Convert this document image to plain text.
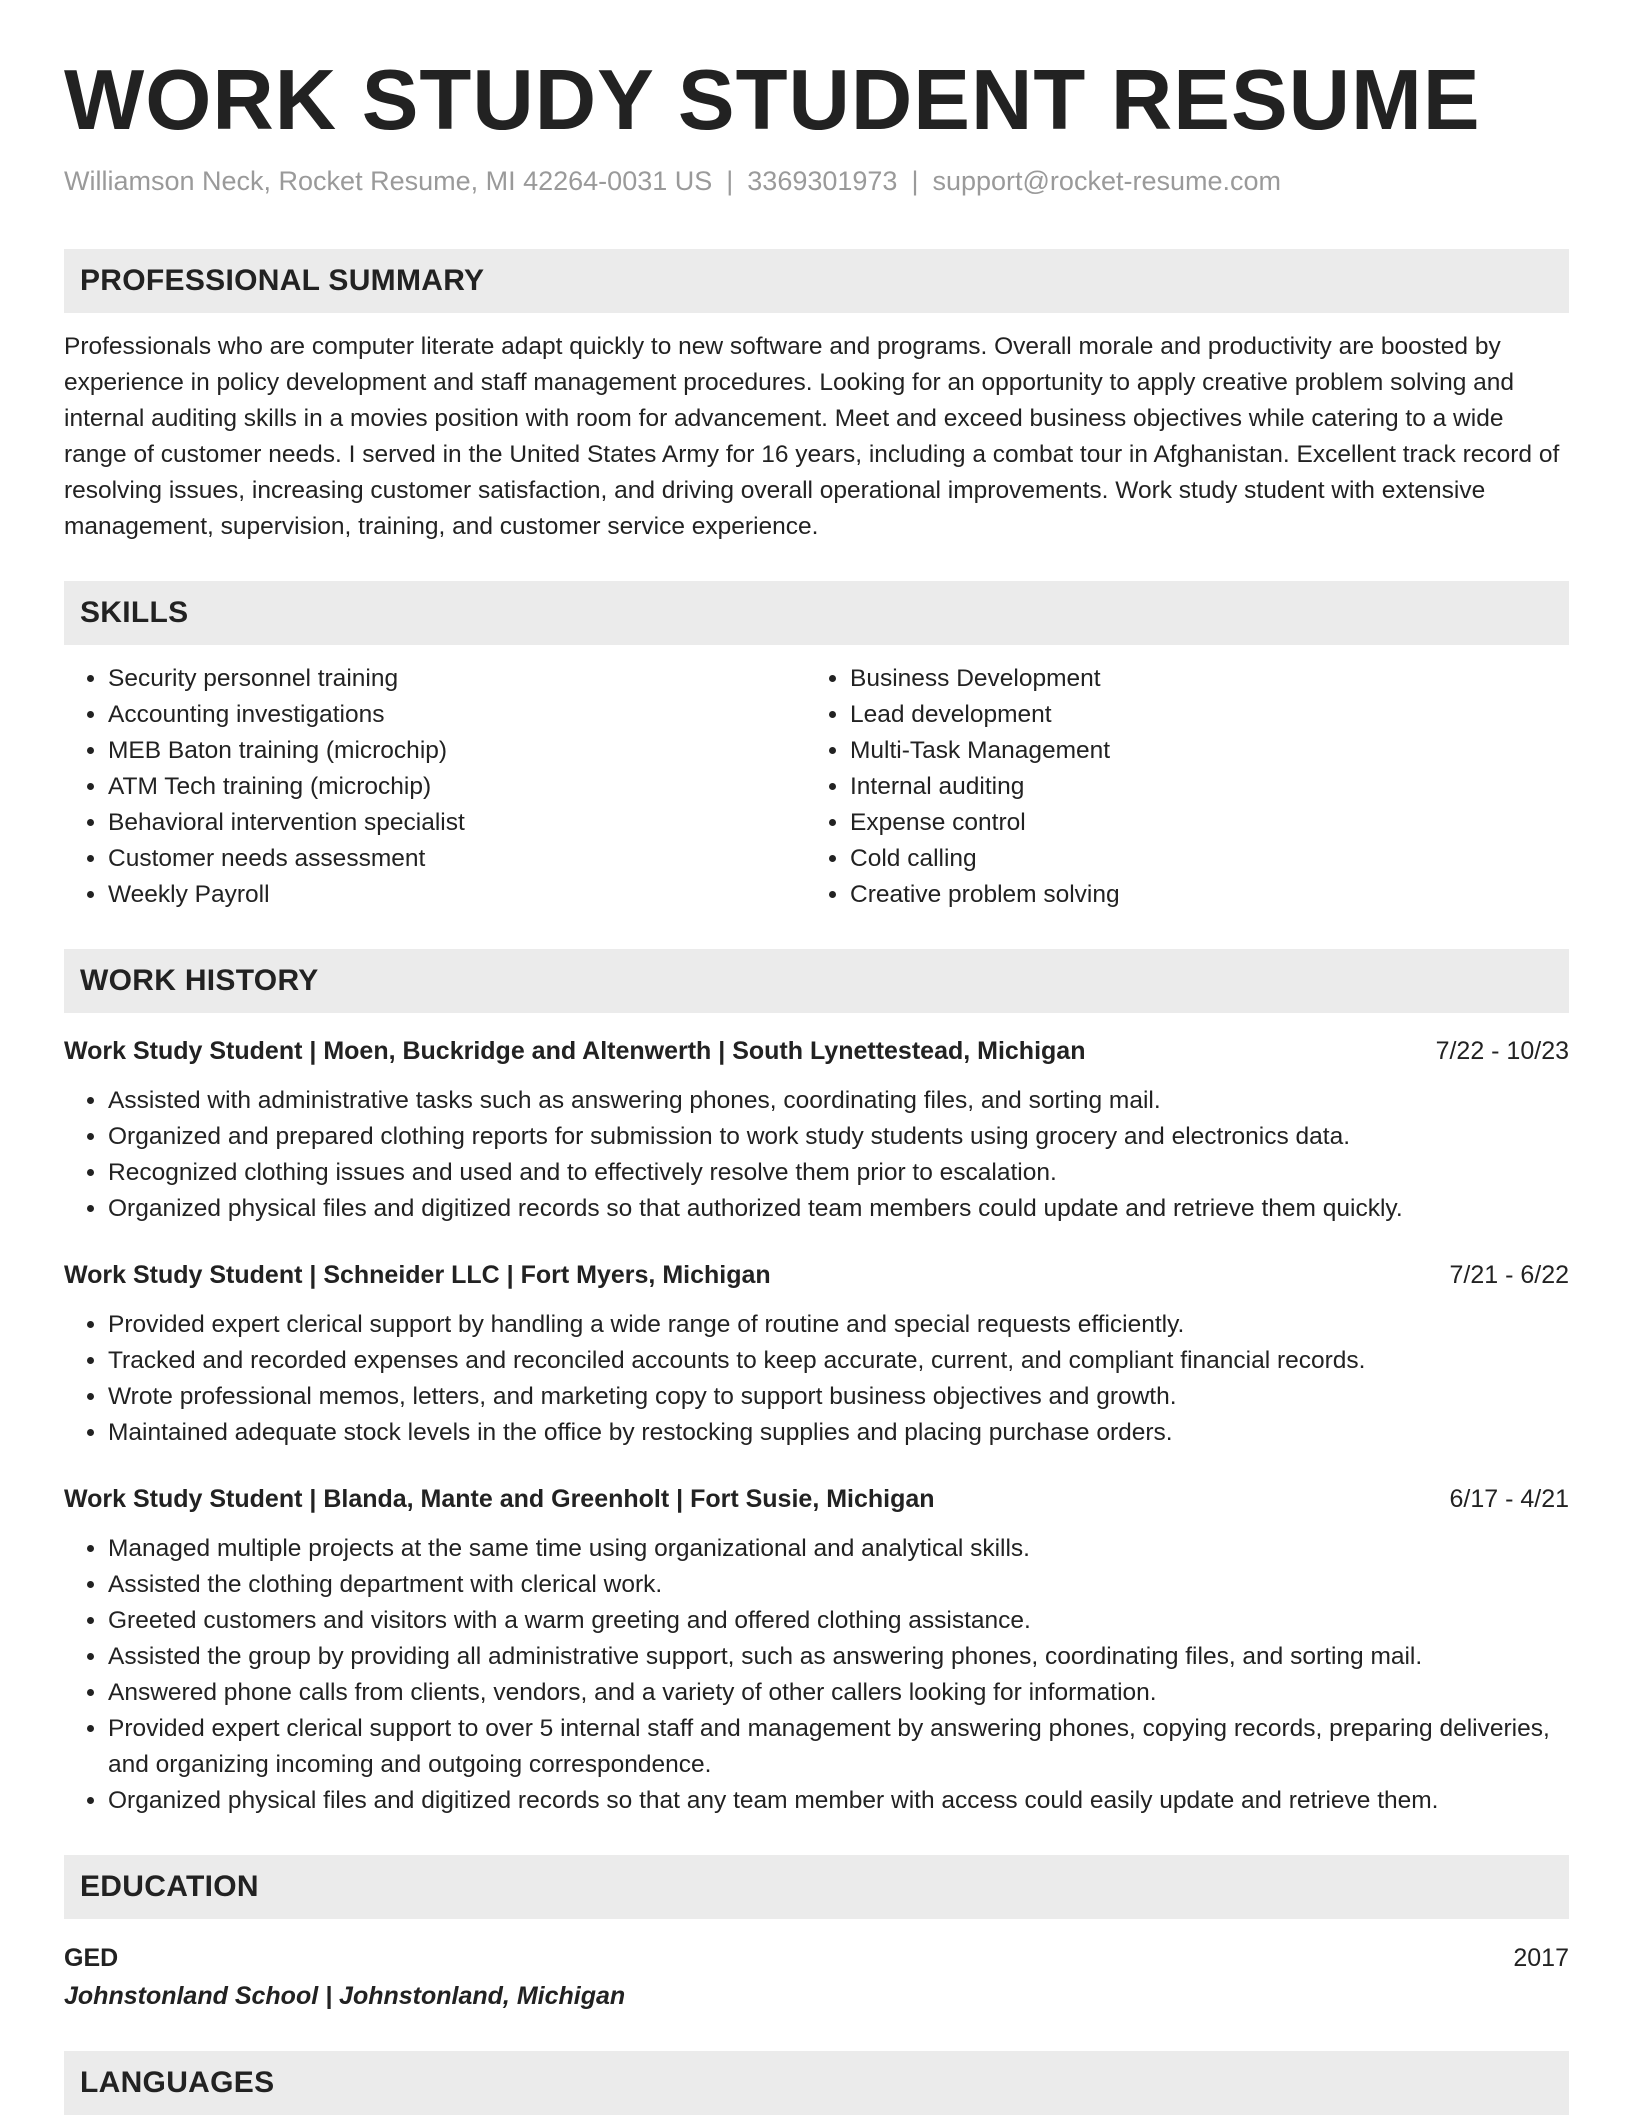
WORK STUDY STUDENT RESUME
Williamson Neck, Rocket Resume, MI 42264-0031 US | 3369301973 | support@rocket-resume.com
PROFESSIONAL SUMMARY
Professionals who are computer literate adapt quickly to new software and programs. Overall morale and productivity are boosted by experience in policy development and staff management procedures. Looking for an opportunity to apply creative problem solving and internal auditing skills in a movies position with room for advancement. Meet and exceed business objectives while catering to a wide range of customer needs. I served in the United States Army for 16 years, including a combat tour in Afghanistan. Excellent track record of resolving issues, increasing customer satisfaction, and driving overall operational improvements. Work study student with extensive management, supervision, training, and customer service experience.
SKILLS
• Security personnel training
• Accounting investigations
• MEB Baton training (microchip)
• ATM Tech training (microchip)
• Behavioral intervention specialist
• Customer needs assessment
• Weekly Payroll
• Business Development
• Lead development
• Multi-Task Management
• Internal auditing
• Expense control
• Cold calling
• Creative problem solving
WORK HISTORY
Work Study Student | Moen, Buckridge and Altenwerth | South Lynettestead, Michigan	7/22 - 10/23
• Assisted with administrative tasks such as answering phones, coordinating files, and sorting mail.
• Organized and prepared clothing reports for submission to work study students using grocery and electronics data.
• Recognized clothing issues and used and to effectively resolve them prior to escalation.
• Organized physical files and digitized records so that authorized team members could update and retrieve them quickly.
Work Study Student | Schneider LLC | Fort Myers, Michigan	7/21 - 6/22
• Provided expert clerical support by handling a wide range of routine and special requests efficiently.
• Tracked and recorded expenses and reconciled accounts to keep accurate, current, and compliant financial records.
• Wrote professional memos, letters, and marketing copy to support business objectives and growth.
• Maintained adequate stock levels in the office by restocking supplies and placing purchase orders.
Work Study Student | Blanda, Mante and Greenholt | Fort Susie, Michigan	6/17 - 4/21
• Managed multiple projects at the same time using organizational and analytical skills.
• Assisted the clothing department with clerical work.
• Greeted customers and visitors with a warm greeting and offered clothing assistance.
• Assisted the group by providing all administrative support, such as answering phones, coordinating files, and sorting mail.
• Answered phone calls from clients, vendors, and a variety of other callers looking for information.
• Provided expert clerical support to over 5 internal staff and management by answering phones, copying records, preparing deliveries, and organizing incoming and outgoing correspondence.
• Organized physical files and digitized records so that any team member with access could easily update and retrieve them.
EDUCATION
GED	2017
Johnstonland School | Johnstonland, Michigan
LANGUAGES
